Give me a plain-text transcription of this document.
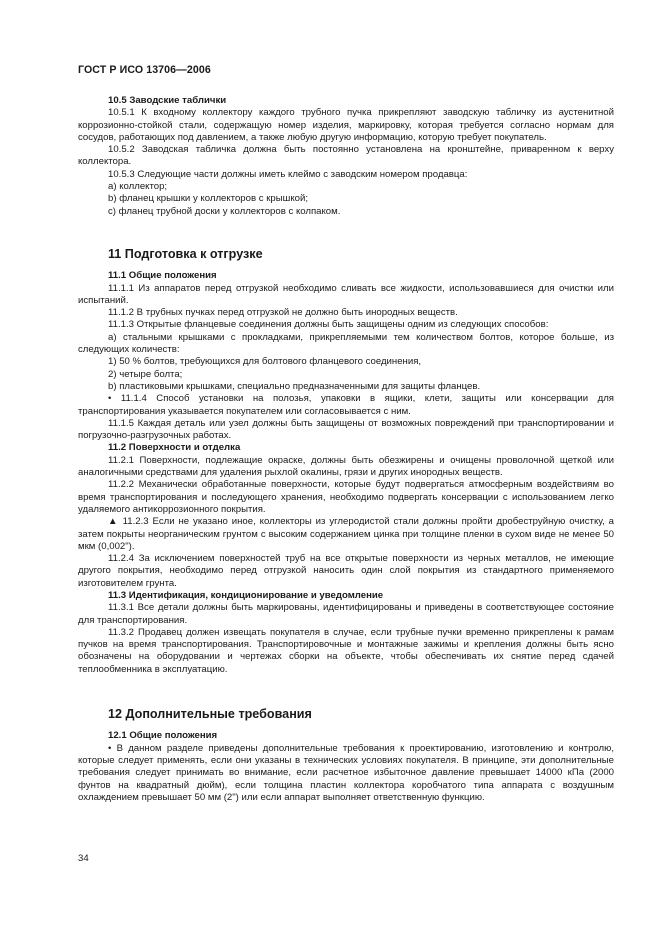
ГОСТ Р ИСО 13706—2006
10.5 Заводские таблички
10.5.1 К входному коллектору каждого трубного пучка прикрепляют заводскую табличку из аустенитной коррозионно-стойкой стали, содержащую номер изделия, маркировку, которая требуется согласно нормам для сосудов, работающих под давлением, а также любую другую информацию, которую требует покупатель.
10.5.2 Заводская табличка должна быть постоянно установлена на кронштейне, приваренном к верху коллектора.
10.5.3 Следующие части должны иметь клеймо с заводским номером продавца:
a) коллектор;
b) фланец крышки у коллекторов с крышкой;
c) фланец трубной доски у коллекторов с колпаком.
11 Подготовка к отгрузке
11.1 Общие положения
11.1.1 Из аппаратов перед отгрузкой необходимо сливать все жидкости, использовавшиеся для очистки или испытаний.
11.1.2 В трубных пучках перед отгрузкой не должно быть инородных веществ.
11.1.3 Открытые фланцевые соединения должны быть защищены одним из следующих способов:
a) стальными крышками с прокладками, прикрепляемыми тем количеством болтов, которое больше, из следующих количеств:
1) 50 % болтов, требующихся для болтового фланцевого соединения,
2) четыре болта;
b) пластиковыми крышками, специально предназначенными для защиты фланцев.
• 11.1.4 Способ установки на полозья, упаковки в ящики, клети, защиты или консервации для транспортирования указывается покупателем или согласовывается с ним.
11.1.5 Каждая деталь или узел должны быть защищены от возможных повреждений при транспортировании и погрузочно-разгрузочных работах.
11.2 Поверхности и отделка
11.2.1 Поверхности, подлежащие окраске, должны быть обезжирены и очищены проволочной щеткой или аналогичными средствами для удаления рыхлой окалины, грязи и других инородных веществ.
11.2.2 Механически обработанные поверхности, которые будут подвергаться атмосферным воздействиям во время транспортирования и последующего хранения, необходимо подвергать консервации с использованием легко удаляемого антикоррозионного покрытия.
▲ 11.2.3 Если не указано иное, коллекторы из углеродистой стали должны пройти дробеструйную очистку, а затем покрыты неорганическим грунтом с высоким содержанием цинка при толщине пленки в сухом виде не менее 50 мкм (0,002").
11.2.4 За исключением поверхностей труб на все открытые поверхности из черных металлов, не имеющие другого покрытия, необходимо перед отгрузкой наносить один слой покрытия из стандартного применяемого изготовителем грунта.
11.3 Идентификация, кондиционирование и уведомление
11.3.1 Все детали должны быть маркированы, идентифицированы и приведены в соответствующее состояние для транспортирования.
11.3.2 Продавец должен извещать покупателя в случае, если трубные пучки временно прикреплены к рамам пучков на время транспортирования. Транспортировочные и монтажные зажимы и крепления должны быть ясно обозначены на оборудовании и чертежах сборки на объекте, чтобы обеспечивать их снятие перед сдачей теплообменника в эксплуатацию.
12 Дополнительные требования
12.1 Общие положения
• В данном разделе приведены дополнительные требования к проектированию, изготовлению и контролю, которые следует применять, если они указаны в технических условиях покупателя. В принципе, эти дополнительные требования следует принимать во внимание, если расчетное избыточное давление превышает 14000 кПа (2000 фунтов на квадратный дюйм), если толщина пластин коллектора коробчатого типа аппарата с воздушным охлаждением превышает 50 мм (2") или если аппарат выполняет ответственную функцию.
34
